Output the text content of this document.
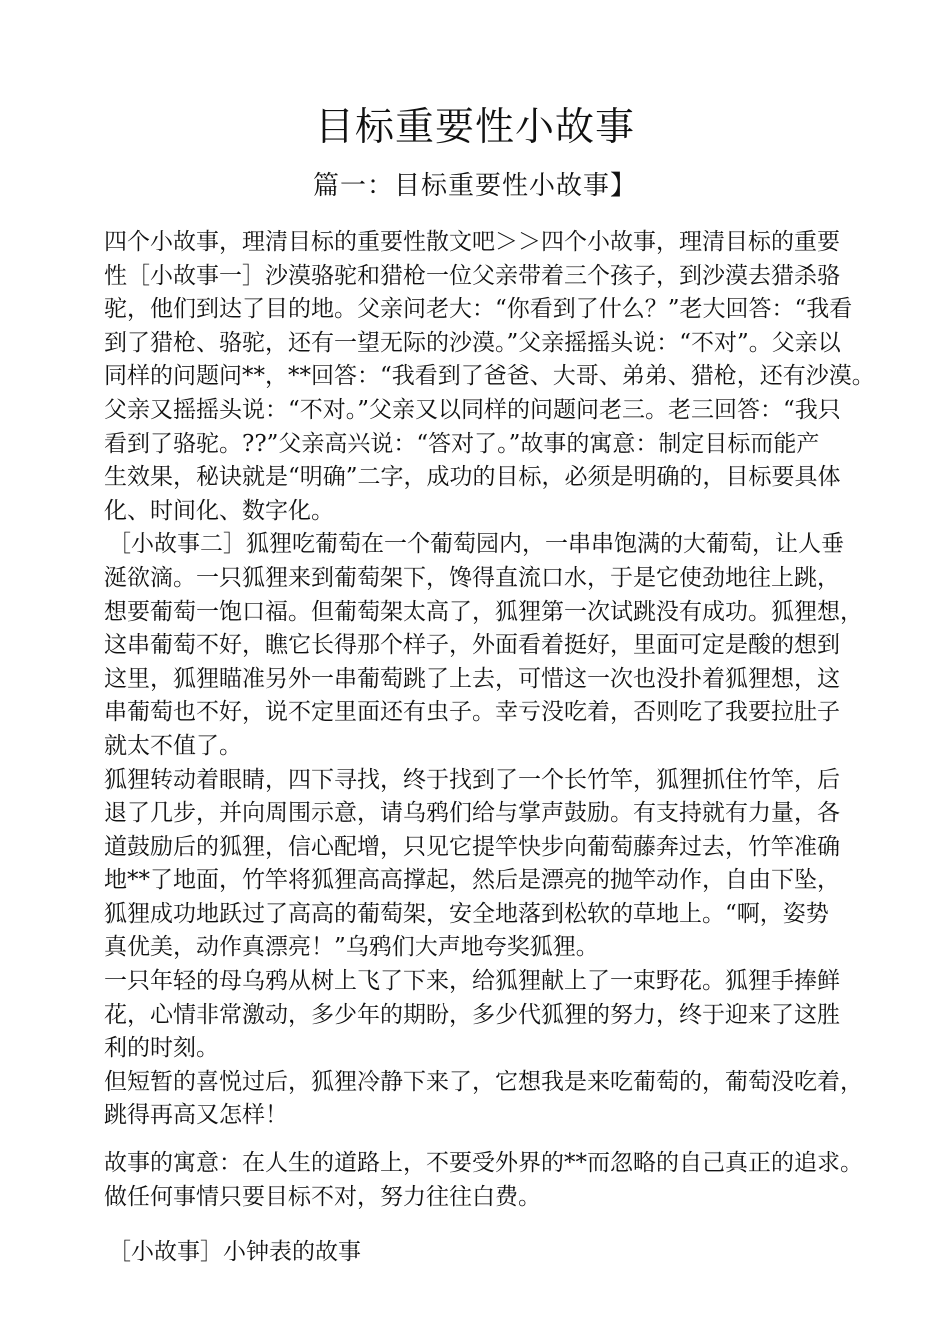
目标重要性小故事
篇一：目标重要性小故事】
四个小故事，理清目标的重要性散文吧＞＞四个小故事，理清目标的重要
性［小故事一］沙漠骆驼和猎枪一位父亲带着三个孩子，到沙漠去猎杀骆
驼，他们到达了目的地。父亲问老大：“你看到了什么？”老大回答：“我看
到了猎枪、骆驼，还有一望无际的沙漠。”父亲摇摇头说：“不对”。父亲以
同样的问题问**，**回答：“我看到了爸爸、大哥、弟弟、猎枪，还有沙漠。
父亲又摇摇头说：“不对。”父亲又以同样的问题问老三。老三回答：“我只
看到了骆驼。??”父亲高兴说：“答对了。”故事的寓意：制定目标而能产
生效果，秘诀就是“明确”二字，成功的目标，必须是明确的，目标要具体
化、时间化、数字化。
［小故事二］狐狸吃葡萄在一个葡萄园内，一串串饱满的大葡萄，让人垂
涎欲滴。一只狐狸来到葡萄架下，馋得直流口水，于是它使劲地往上跳，
想要葡萄一饱口福。但葡萄架太高了，狐狸第一次试跳没有成功。狐狸想，
这串葡萄不好，瞧它长得那个样子，外面看着挺好，里面可定是酸的想到
这里，狐狸瞄准另外一串葡萄跳了上去，可惜这一次也没扑着狐狸想，这
串葡萄也不好，说不定里面还有虫子。幸亏没吃着，否则吃了我要拉肚子
就太不值了。
狐狸转动着眼睛，四下寻找，终于找到了一个长竹竿，狐狸抓住竹竿，后
退了几步，并向周围示意，请乌鸦们给与掌声鼓励。有支持就有力量，各
道鼓励后的狐狸，信心配增，只见它提竿快步向葡萄藤奔过去，竹竿准确
地**了地面，竹竿将狐狸高高撑起，然后是漂亮的抛竿动作，自由下坠，
狐狸成功地跃过了高高的葡萄架，安全地落到松软的草地上。“啊，姿势
真优美，动作真漂亮！”乌鸦们大声地夸奖狐狸。
一只年轻的母乌鸦从树上飞了下来，给狐狸献上了一束野花。狐狸手捧鲜
花，心情非常激动，多少年的期盼，多少代狐狸的努力，终于迎来了这胜
利的时刻。
但短暂的喜悦过后，狐狸冷静下来了，它想我是来吃葡萄的，葡萄没吃着，
跳得再高又怎样！
故事的寓意：在人生的道路上，不要受外界的**而忽略的自己真正的追求。
做任何事情只要目标不对，努力往往白费。
［小故事］小钟表的故事
